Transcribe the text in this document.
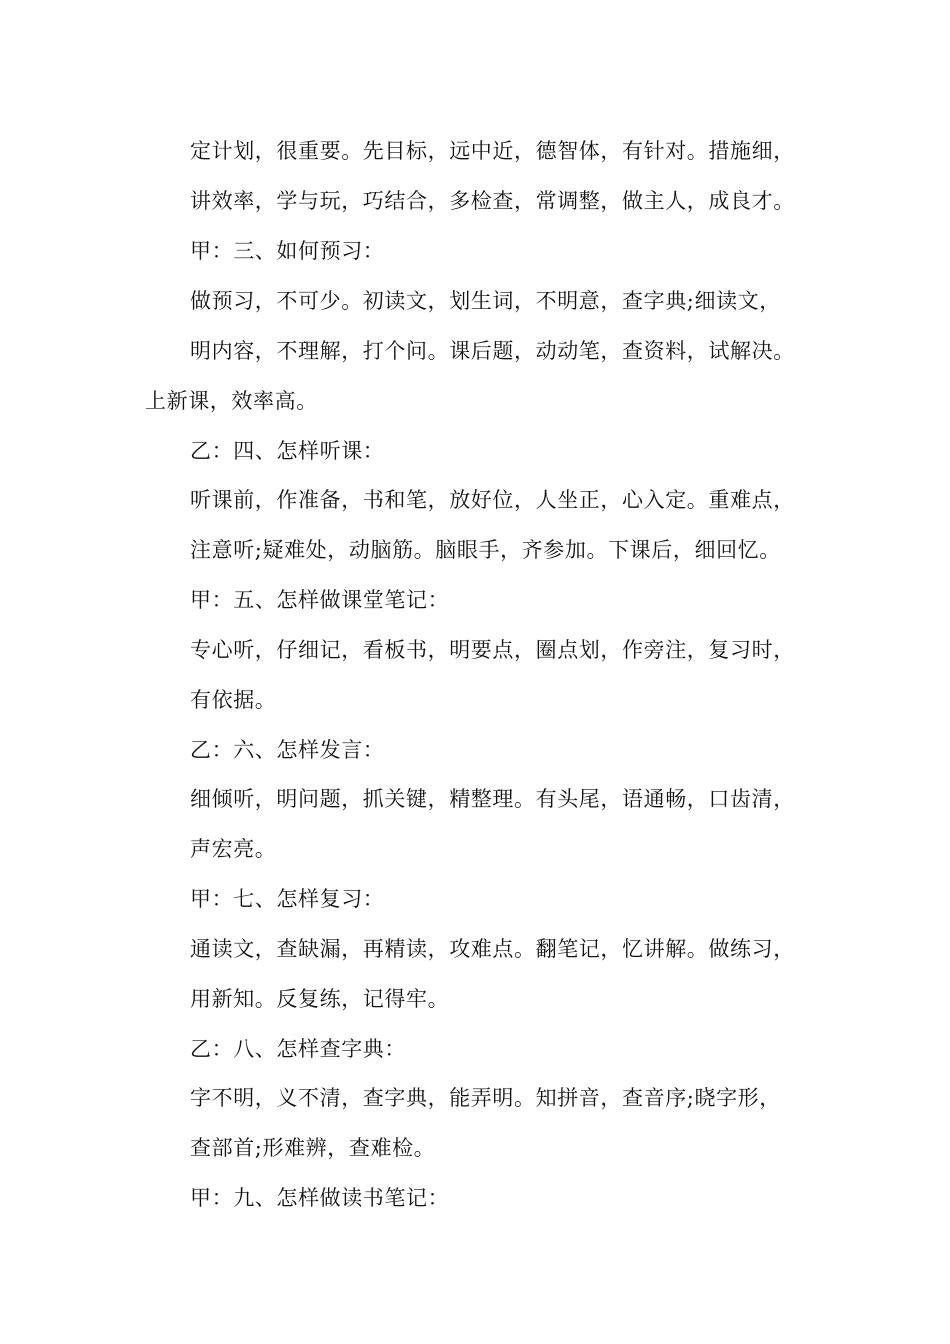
定计划，很重要。先目标，远中近，德智体，有针对。措施细，

讲效率，学与玩，巧结合，多检查，常调整，做主人，成良才。

甲：三、如何预习：

做预习，不可少。初读文，划生词，不明意，查字典;细读文，

明内容，不理解，打个问。课后题，动动笔，查资料，试解决。

上新课，效率高。

乙：四、怎样听课：

听课前，作准备，书和笔，放好位，人坐正，心入定。重难点，

注意听;疑难处，动脑筋。脑眼手，齐参加。下课后，细回忆。

甲：五、怎样做课堂笔记：

专心听，仔细记，看板书，明要点，圈点划，作旁注，复习时，

有依据。

乙：六、怎样发言：

细倾听，明问题，抓关键，精整理。有头尾，语通畅，口齿清，

声宏亮。

甲：七、怎样复习：

通读文，查缺漏，再精读，攻难点。翻笔记，忆讲解。做练习，

用新知。反复练，记得牢。

乙：八、怎样查字典：

字不明，义不清，查字典，能弄明。知拼音，查音序;晓字形，

查部首;形难辨，查难检。

甲：九、怎样做读书笔记：
